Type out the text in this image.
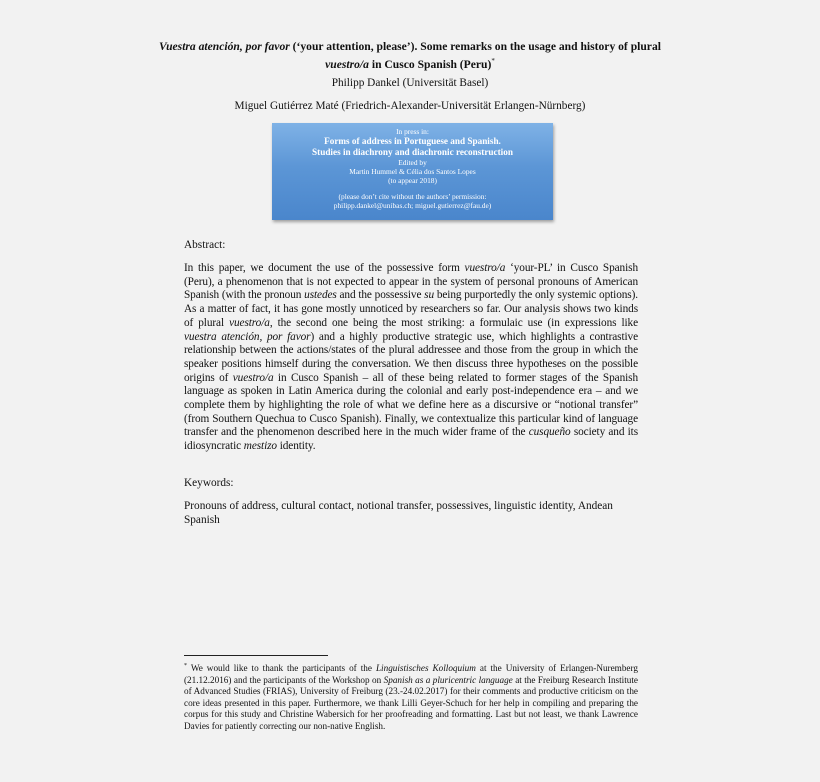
Vuestra atención, por favor (‘your attention, please’). Some remarks on the usage and history of plural vuestro/a in Cusco Spanish (Peru)*
Philipp Dankel (Universität Basel)
Miguel Gutiérrez Maté (Friedrich-Alexander-Universität Erlangen-Nürnberg)
In press in:
Forms of address in Portuguese and Spanish.
Studies in diachrony and diachronic reconstruction
Edited by
Martin Hummel & Célia dos Santos Lopes
(to appear 2018)
(please don’t cite without the authors’ permission:
philipp.dankel@unibas.ch; miguel.gutierrez@fau.de)
Abstract:
In this paper, we document the use of the possessive form vuestro/a ‘your-PL’ in Cusco Spanish (Peru), a phenomenon that is not expected to appear in the system of personal pronouns of American Spanish (with the pronoun ustedes and the possessive su being purportedly the only systemic options). As a matter of fact, it has gone mostly unnoticed by researchers so far. Our analysis shows two kinds of plural vuestro/a, the second one being the most striking: a formulaic use (in expressions like vuestra atención, por favor) and a highly productive strategic use, which highlights a contrastive relationship between the actions/states of the plural addressee and those from the group in which the speaker positions himself during the conversation. We then discuss three hypotheses on the possible origins of vuestro/a in Cusco Spanish – all of these being related to former stages of the Spanish language as spoken in Latin America during the colonial and early post-independence era – and we complete them by highlighting the role of what we define here as a discursive or “notional transfer” (from Southern Quechua to Cusco Spanish). Finally, we contextualize this particular kind of language transfer and the phenomenon described here in the much wider frame of the cusqueño society and its idiosyncratic mestizo identity.
Keywords:
Pronouns of address, cultural contact, notional transfer, possessives, linguistic identity, Andean Spanish
* We would like to thank the participants of the Linguistisches Kolloquium at the University of Erlangen-Nuremberg (21.12.2016) and the participants of the Workshop on Spanish as a pluricentric language at the Freiburg Research Institute of Advanced Studies (FRIAS), University of Freiburg (23.-24.02.2017) for their comments and productive criticism on the core ideas presented in this paper. Furthermore, we thank Lilli Geyer-Schuch for her help in compiling and preparing the corpus for this study and Christine Wabersich for her proofreading and formatting. Last but not least, we thank Lawrence Davies for patiently correcting our non-native English.
